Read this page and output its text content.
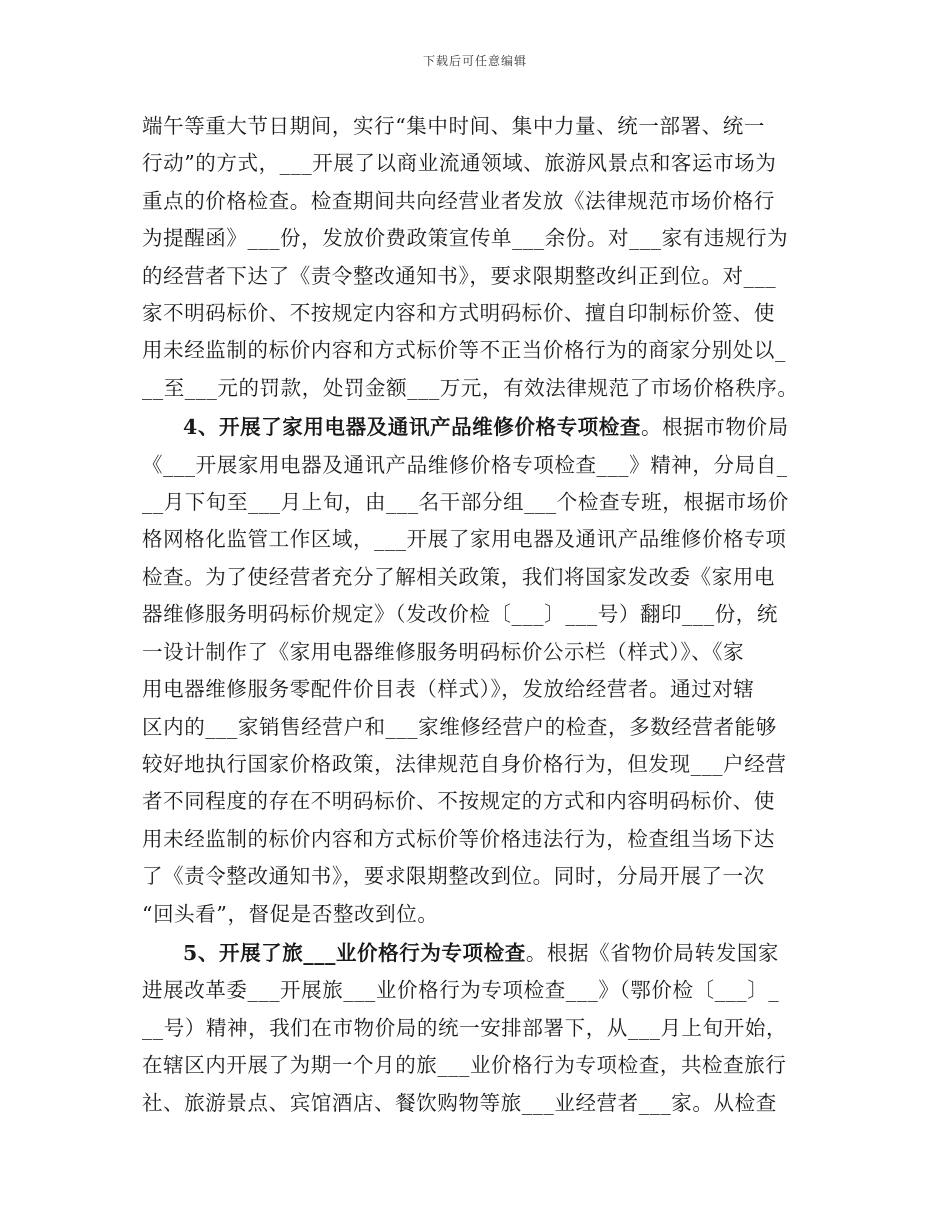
下载后可任意编辑

端午等重大节日期间，实行“集中时间、集中力量、统一部署、统一
行动”的方式，___开展了以商业流通领域、旅游风景点和客运市场为
重点的价格检查。检查期间共向经营业者发放《法律规范市场价格行
为提醒函》___份，发放价费政策宣传单___余份。对___家有违规行为
的经营者下达了《责令整改通知书》，要求限期整改纠正到位。对___
家不明码标价、不按规定内容和方式明码标价、擅自印制标价签、使
用未经监制的标价内容和方式标价等不正当价格行为的商家分别处以_
__至___元的罚款，处罚金额___万元，有效法律规范了市场价格秩序。

4、开展了家用电器及通讯产品维修价格专项检查。根据市物价局
《___开展家用电器及通讯产品维修价格专项检查___》精神，分局自_
__月下旬至___月上旬，由___名干部分组___个检查专班，根据市场价
格网格化监管工作区域，___开展了家用电器及通讯产品维修价格专项
检查。为了使经营者充分了解相关政策，我们将国家发改委《家用电
器维修服务明码标价规定》（发改价检〔___〕___号）翻印___份，统
一设计制作了《家用电器维修服务明码标价公示栏（样式）》、《家
用电器维修服务零配件价目表（样式）》，发放给经营者。通过对辖
区内的___家销售经营户和___家维修经营户的检查，多数经营者能够
较好地执行国家价格政策，法律规范自身价格行为，但发现___户经营
者不同程度的存在不明码标价、不按规定的方式和内容明码标价、使
用未经监制的标价内容和方式标价等价格违法行为，检查组当场下达
了《责令整改通知书》，要求限期整改到位。同时，分局开展了一次
“回头看”，督促是否整改到位。

5、开展了旅___业价格行为专项检查。根据《省物价局转发国家
进展改革委___开展旅___业价格行为专项检查___》（鄂价检〔___〕_
__号）精神，我们在市物价局的统一安排部署下，从___月上旬开始，
在辖区内开展了为期一个月的旅___业价格行为专项检查，共检查旅行
社、旅游景点、宾馆酒店、餐饮购物等旅___业经营者___家。从检查
